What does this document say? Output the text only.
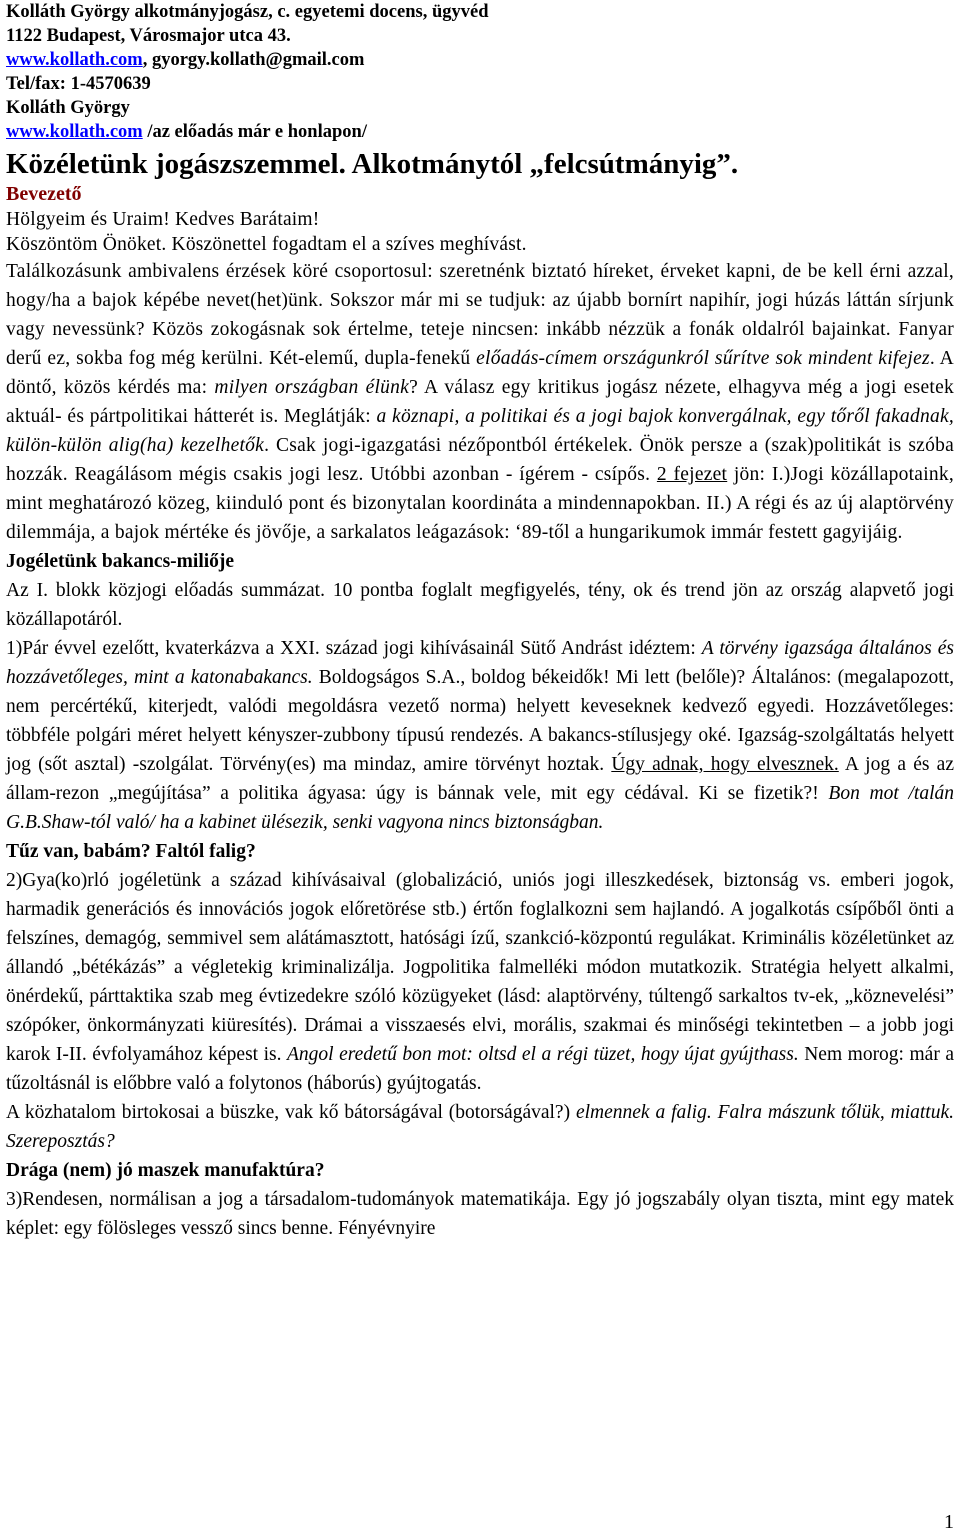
Kolláth György alkotmányjogász, c. egyetemi docens, ügyvéd
1122 Budapest, Városmajor utca 43.
www.kollath.com, gyorgy.kollath@gmail.com
Tel/fax: 1-4570639
Kolláth György
www.kollath.com /az előadás már e honlapon/
Közéletünk jogászszemmel. Alkotmánytól „felcsútmányig”.
Bevezető
Hölgyeim és Uraim! Kedves Barátaim!
Köszöntöm Önöket. Köszönettel fogadtam el a szíves meghívást.
Találkozásunk ambivalens érzések köré csoportosul: szeretnénk biztató híreket, érveket kapni, de be kell érni azzal, hogy/ha a bajok képébe nevet(het)ünk. Sokszor már mi se tudjuk: az újabb bornírt napihír, jogi húzás láttán sírjunk vagy nevessünk? Közös zokogásnak sok értelme, teteje nincsen: inkább nézzük a fonák oldalról bajainkat. Fanyar derű ez, sokba fog még kerülni. Két-elemű, dupla-fenekű előadás-címem országunkról sűrítve sok mindent kifejez. A döntő, közös kérdés ma: milyen országban élünk? A válasz egy kritikus jogász nézete, elhagyva még a jogi esetek aktuál- és pártpolitikai hátterét is. Meglátják: a köznapi, a politikai és a jogi bajok konvergálnak, egy tőről fakadnak, külön-külön alig(ha) kezelhetők. Csak jogi-igazgatási nézőpontból értékelek. Önök persze a (szak)politikát is szóba hozzák. Reagálásom mégis csakis jogi lesz. Utóbbi azonban - ígérem - csípős. 2 fejezet jön: I.)Jogi közállapotaink, mint meghatározó közeg, kiinduló pont és bizonytalan koordináta a mindennapokban. II.) A régi és az új alaptörvény dilemmája, a bajok mértéke és jövője, a sarkalatos leágazások: ‘89-től a hungarikumok immár festett gagyijáig.
Jogéletünk bakancs-miliője
Az I. blokk közjogi előadás summázat. 10 pontba foglalt megfigyelés, tény, ok és trend jön az ország alapvető jogi közállapotáról.
1)Pár évvel ezelőtt, kvaterkázva a XXI. század jogi kihívásainál Sütő Andrást idéztem: A törvény igazsága általános és hozzávetőleges, mint a katonabakancs. Boldogságos S.A., boldog békeidők! Mi lett (belőle)? Általános: (megalapozott, nem percértékű, kiterjedt, valódi megoldásra vezető norma) helyett keveseknek kedvező egyedi. Hozzávetőleges: többféle polgári méret helyett kényszer-zubbony típusú rendezés. A bakancs-stílusjegy oké. Igazság-szolgáltatás helyett jog (sőt asztal) -szolgálat. Törvény(es) ma mindaz, amire törvényt hoztak. Úgy adnak, hogy elvesznek. A jog a és az állam-rezon „megújítása” a politika ágyasa: úgy is bánnak vele, mit egy cédával. Ki se fizetik?! Bon mot /talán G.B.Shaw-tól való/ ha a kabinet ülésezik, senki vagyona nincs biztonságban.
Tűz van, babám? Faltól falig?
2)Gya(ko)rló jogéletünk a század kihívásaival (globalizáció, uniós jogi illeszkedések, biztonság vs. emberi jogok, harmadik generációs és innovációs jogok előretörése stb.) értőn foglalkozni sem hajlandó. A jogalkotás csípőből önti a felszínes, demagóg, semmivel sem alátámasztott, hatósági ízű, szankció-központú regulákat. Kriminális közéletünket az állandó „bétékázás” a végletekig kriminalizálja. Jogpolitika falmelléki módon mutatkozik. Stratégia helyett alkalmi, önérdekű, párttaktika szab meg évtizedekre szóló közügyeket (lásd: alaptörvény, túltengő sarkaltos tv-ek, „köznevelési” szópóker, önkormányzati kiüresítés). Drámai a visszaesés elvi, morális, szakmai és minőségi tekintetben – a jobb jogi karok I-II. évfolyamához képest is. Angol eredetű bon mot: oltsd el a régi tüzet, hogy újat gyújthass. Nem morog: már a tűzoltásnál is előbbre való a folytonos (háborús) gyújtogatás.
A közhatalom birtokosai a büszke, vak kő bátorságával (botorságával?) elmennek a falig. Falra mászunk tőlük, miattuk. Szereposztás?
Drága (nem) jó maszek manufaktúra?
3)Rendesen, normálisan a jog a társadalom-tudományok matematikája. Egy jó jogszabály olyan tiszta, mint egy matek képlet: egy fölösleges vessző sincs benne. Fényévnyire
1
